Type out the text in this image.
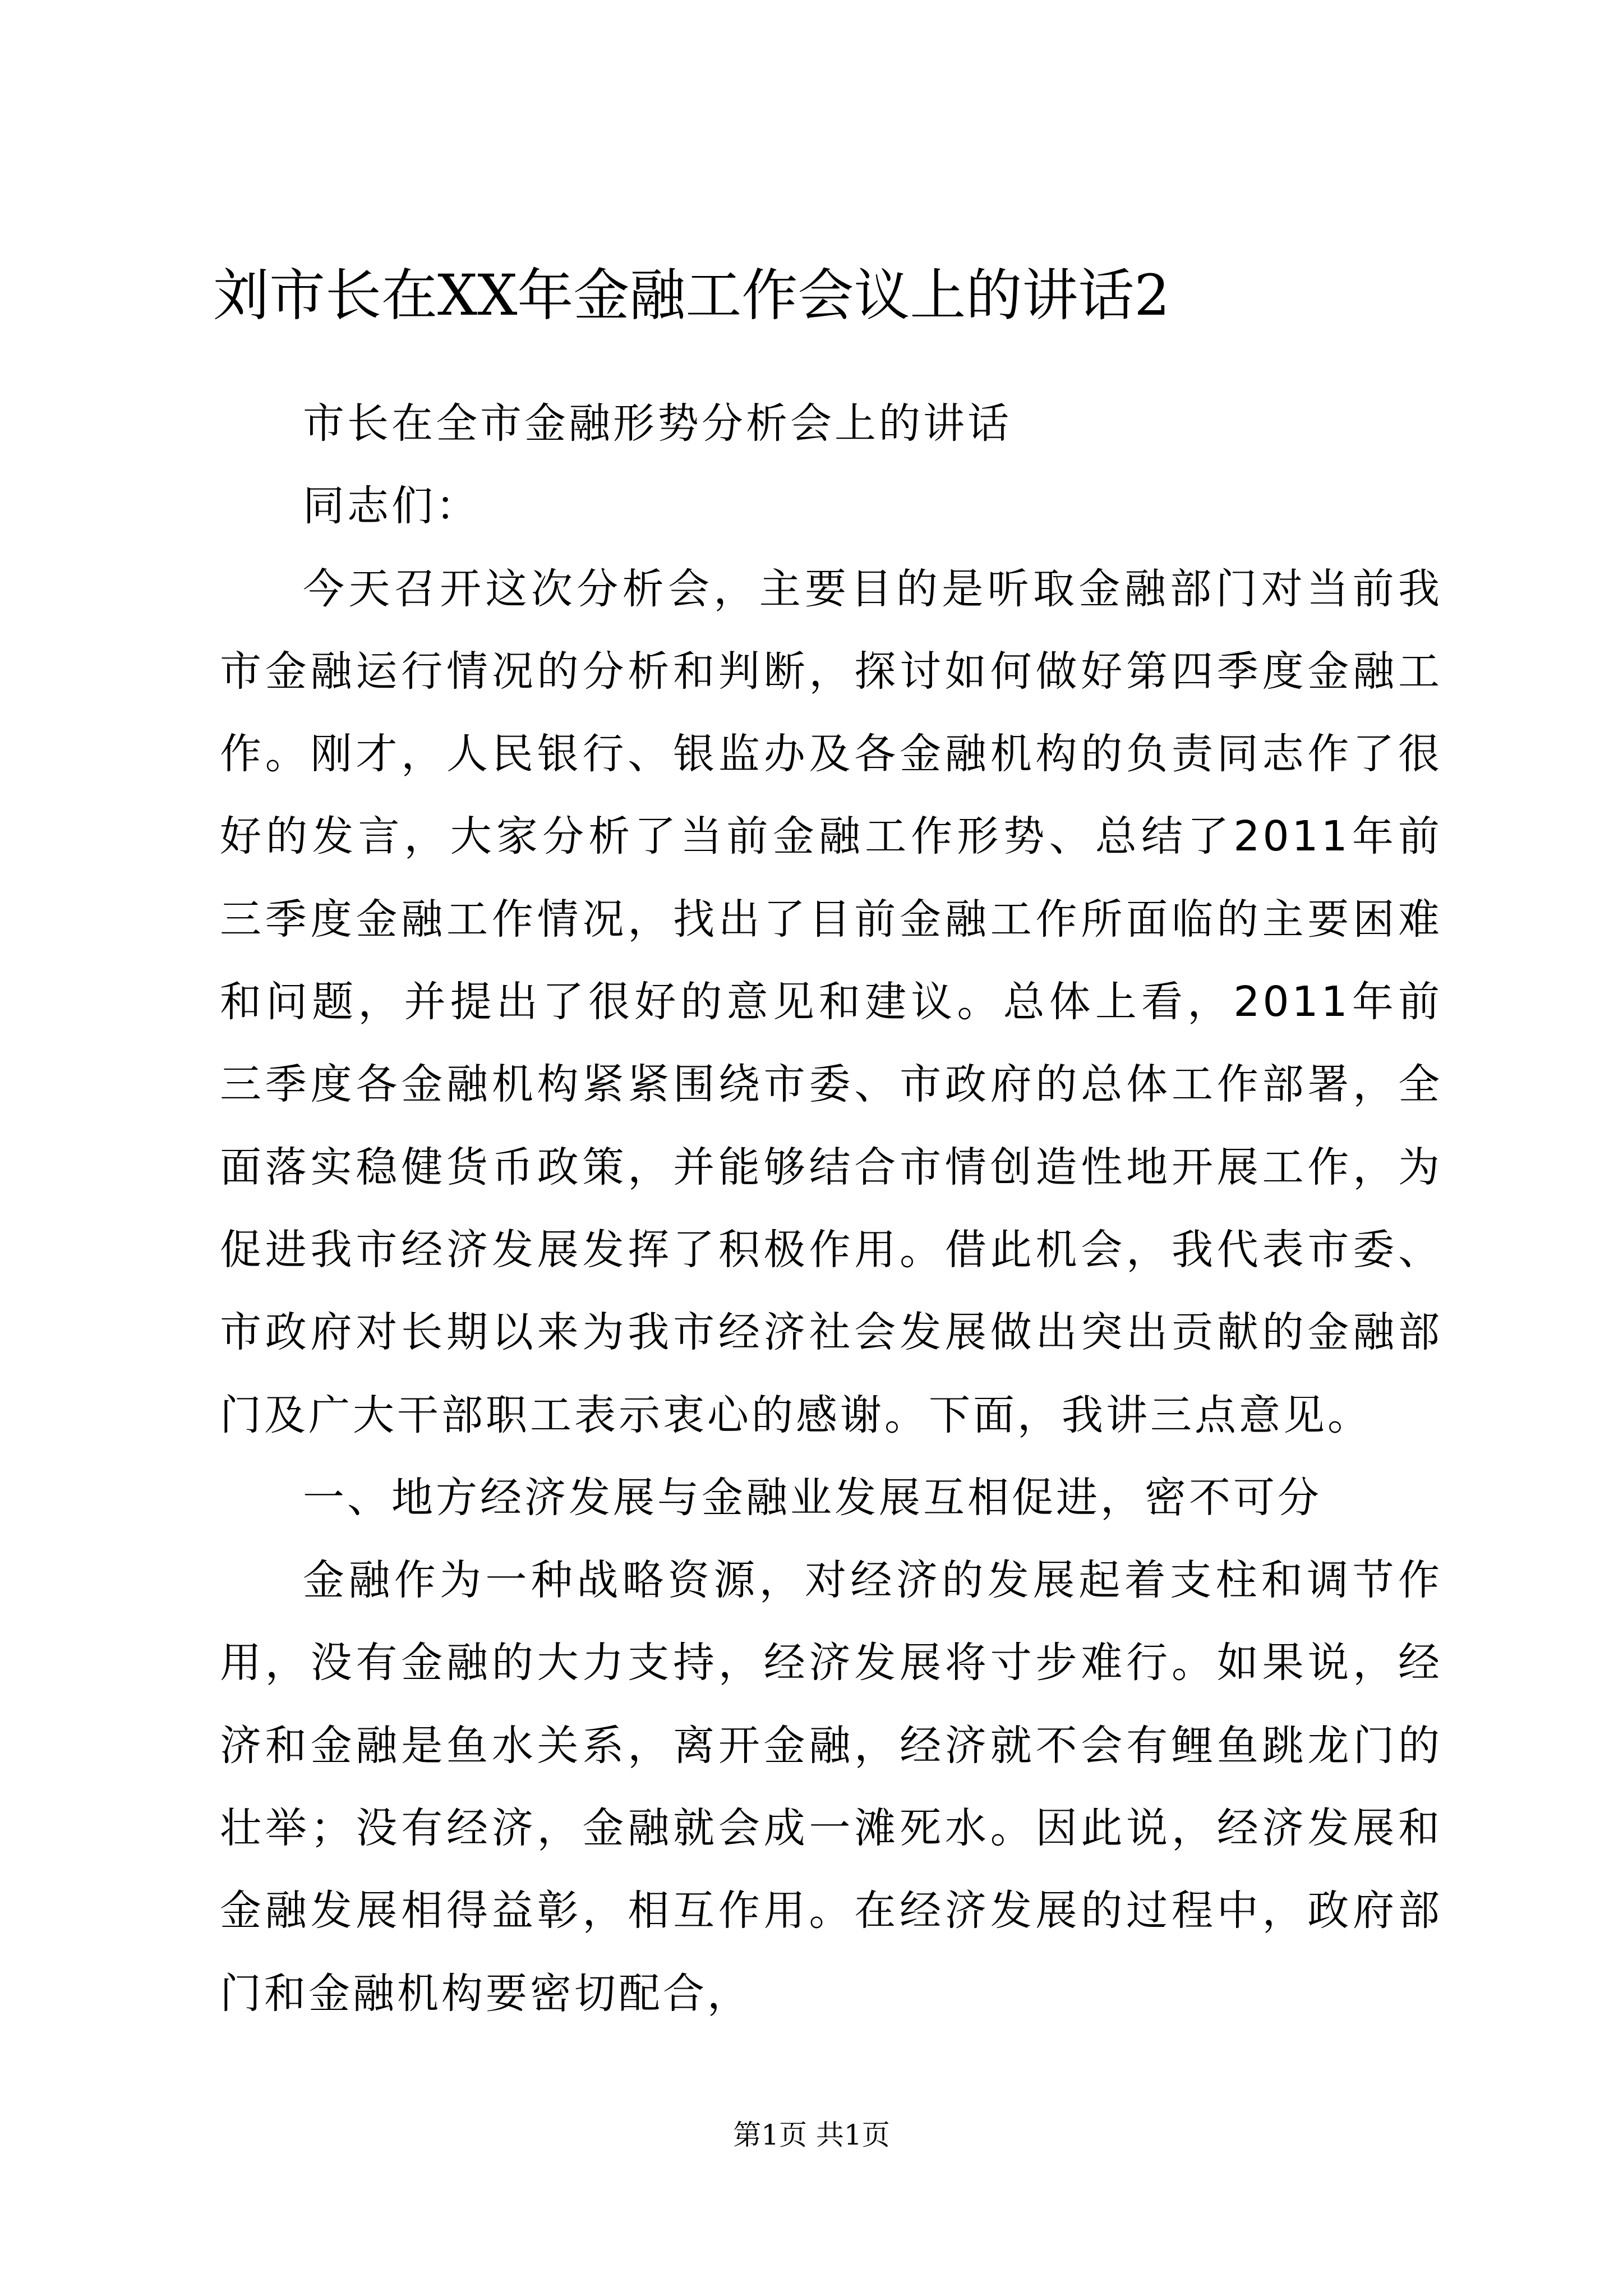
刘市长在XX年金融工作会议上的讲话2

市长在全市金融形势分析会上的讲话

同志们：

今天召开这次分析会，主要目的是听取金融部门对当前我市金融运行情况的分析和判断，探讨如何做好第四季度金融工作。刚才，人民银行、银监办及各金融机构的负责同志作了很好的发言，大家分析了当前金融工作形势、总结了2011年前三季度金融工作情况，找出了目前金融工作所面临的主要困难和问题，并提出了很好的意见和建议。总体上看，2011年前三季度各金融机构紧紧围绕市委、市政府的总体工作部署，全面落实稳健货币政策，并能够结合市情创造性地开展工作，为促进我市经济发展发挥了积极作用。借此机会，我代表市委、市政府对长期以来为我市经济社会发展做出突出贡献的金融部门及广大干部职工表示衷心的感谢。下面，我讲三点意见。

一、地方经济发展与金融业发展互相促进，密不可分

金融作为一种战略资源，对经济的发展起着支柱和调节作用，没有金融的大力支持，经济发展将寸步难行。如果说，经济和金融是鱼水关系，离开金融，经济就不会有鲤鱼跳龙门的壮举；没有经济，金融就会成一滩死水。因此说，经济发展和金融发展相得益彰，相互作用。在经济发展的过程中，政府部门和金融机构要密切配合，

第1页 共1页
